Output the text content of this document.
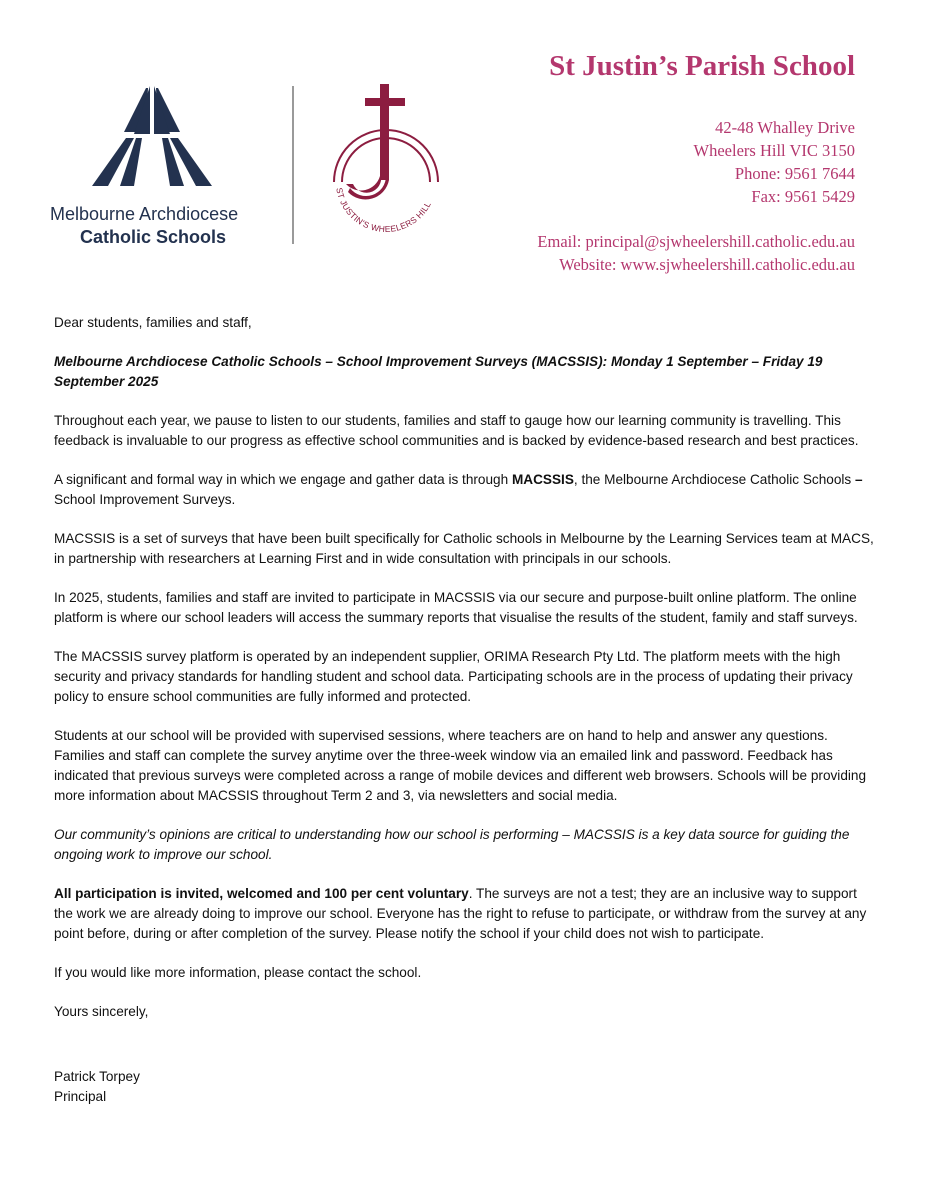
Melbourne Archdiocese
Catholic Schools
ST JUSTIN'S WHEELERS HILL
St Justin’s Parish School
42-48 Whalley Drive
Wheelers Hill VIC 3150
Phone: 9561 7644
Fax: 9561 5429
Email: principal@sjwheelershill.catholic.edu.au
Website: www.sjwheelershill.catholic.edu.au

Dear students, families and staff,

Melbourne Archdiocese Catholic Schools – School Improvement Surveys (MACSSIS): Monday 1 September – Friday 19 September 2025

Throughout each year, we pause to listen to our students, families and staff to gauge how our learning community is travelling. This feedback is invaluable to our progress as effective school communities and is backed by evidence-based research and best practices.

A significant and formal way in which we engage and gather data is through MACSSIS, the Melbourne Archdiocese Catholic Schools – School Improvement Surveys.

MACSSIS is a set of surveys that have been built specifically for Catholic schools in Melbourne by the Learning Services team at MACS, in partnership with researchers at Learning First and in wide consultation with principals in our schools.

In 2025, students, families and staff are invited to participate in MACSSIS via our secure and purpose-built online platform. The online platform is where our school leaders will access the summary reports that visualise the results of the student, family and staff surveys.

The MACSSIS survey platform is operated by an independent supplier, ORIMA Research Pty Ltd. The platform meets with the high security and privacy standards for handling student and school data. Participating schools are in the process of updating their privacy policy to ensure school communities are fully informed and protected.

Students at our school will be provided with supervised sessions, where teachers are on hand to help and answer any questions. Families and staff can complete the survey anytime over the three-week window via an emailed link and password. Feedback has indicated that previous surveys were completed across a range of mobile devices and different web browsers. Schools will be providing more information about MACSSIS throughout Term 2 and 3, via newsletters and social media.

Our community’s opinions are critical to understanding how our school is performing – MACSSIS is a key data source for guiding the ongoing work to improve our school.

All participation is invited, welcomed and 100 per cent voluntary. The surveys are not a test; they are an inclusive way to support the work we are already doing to improve our school. Everyone has the right to refuse to participate, or withdraw from the survey at any point before, during or after completion of the survey. Please notify the school if your child does not wish to participate.

If you would like more information, please contact the school.

Yours sincerely,

Patrick Torpey
Principal
